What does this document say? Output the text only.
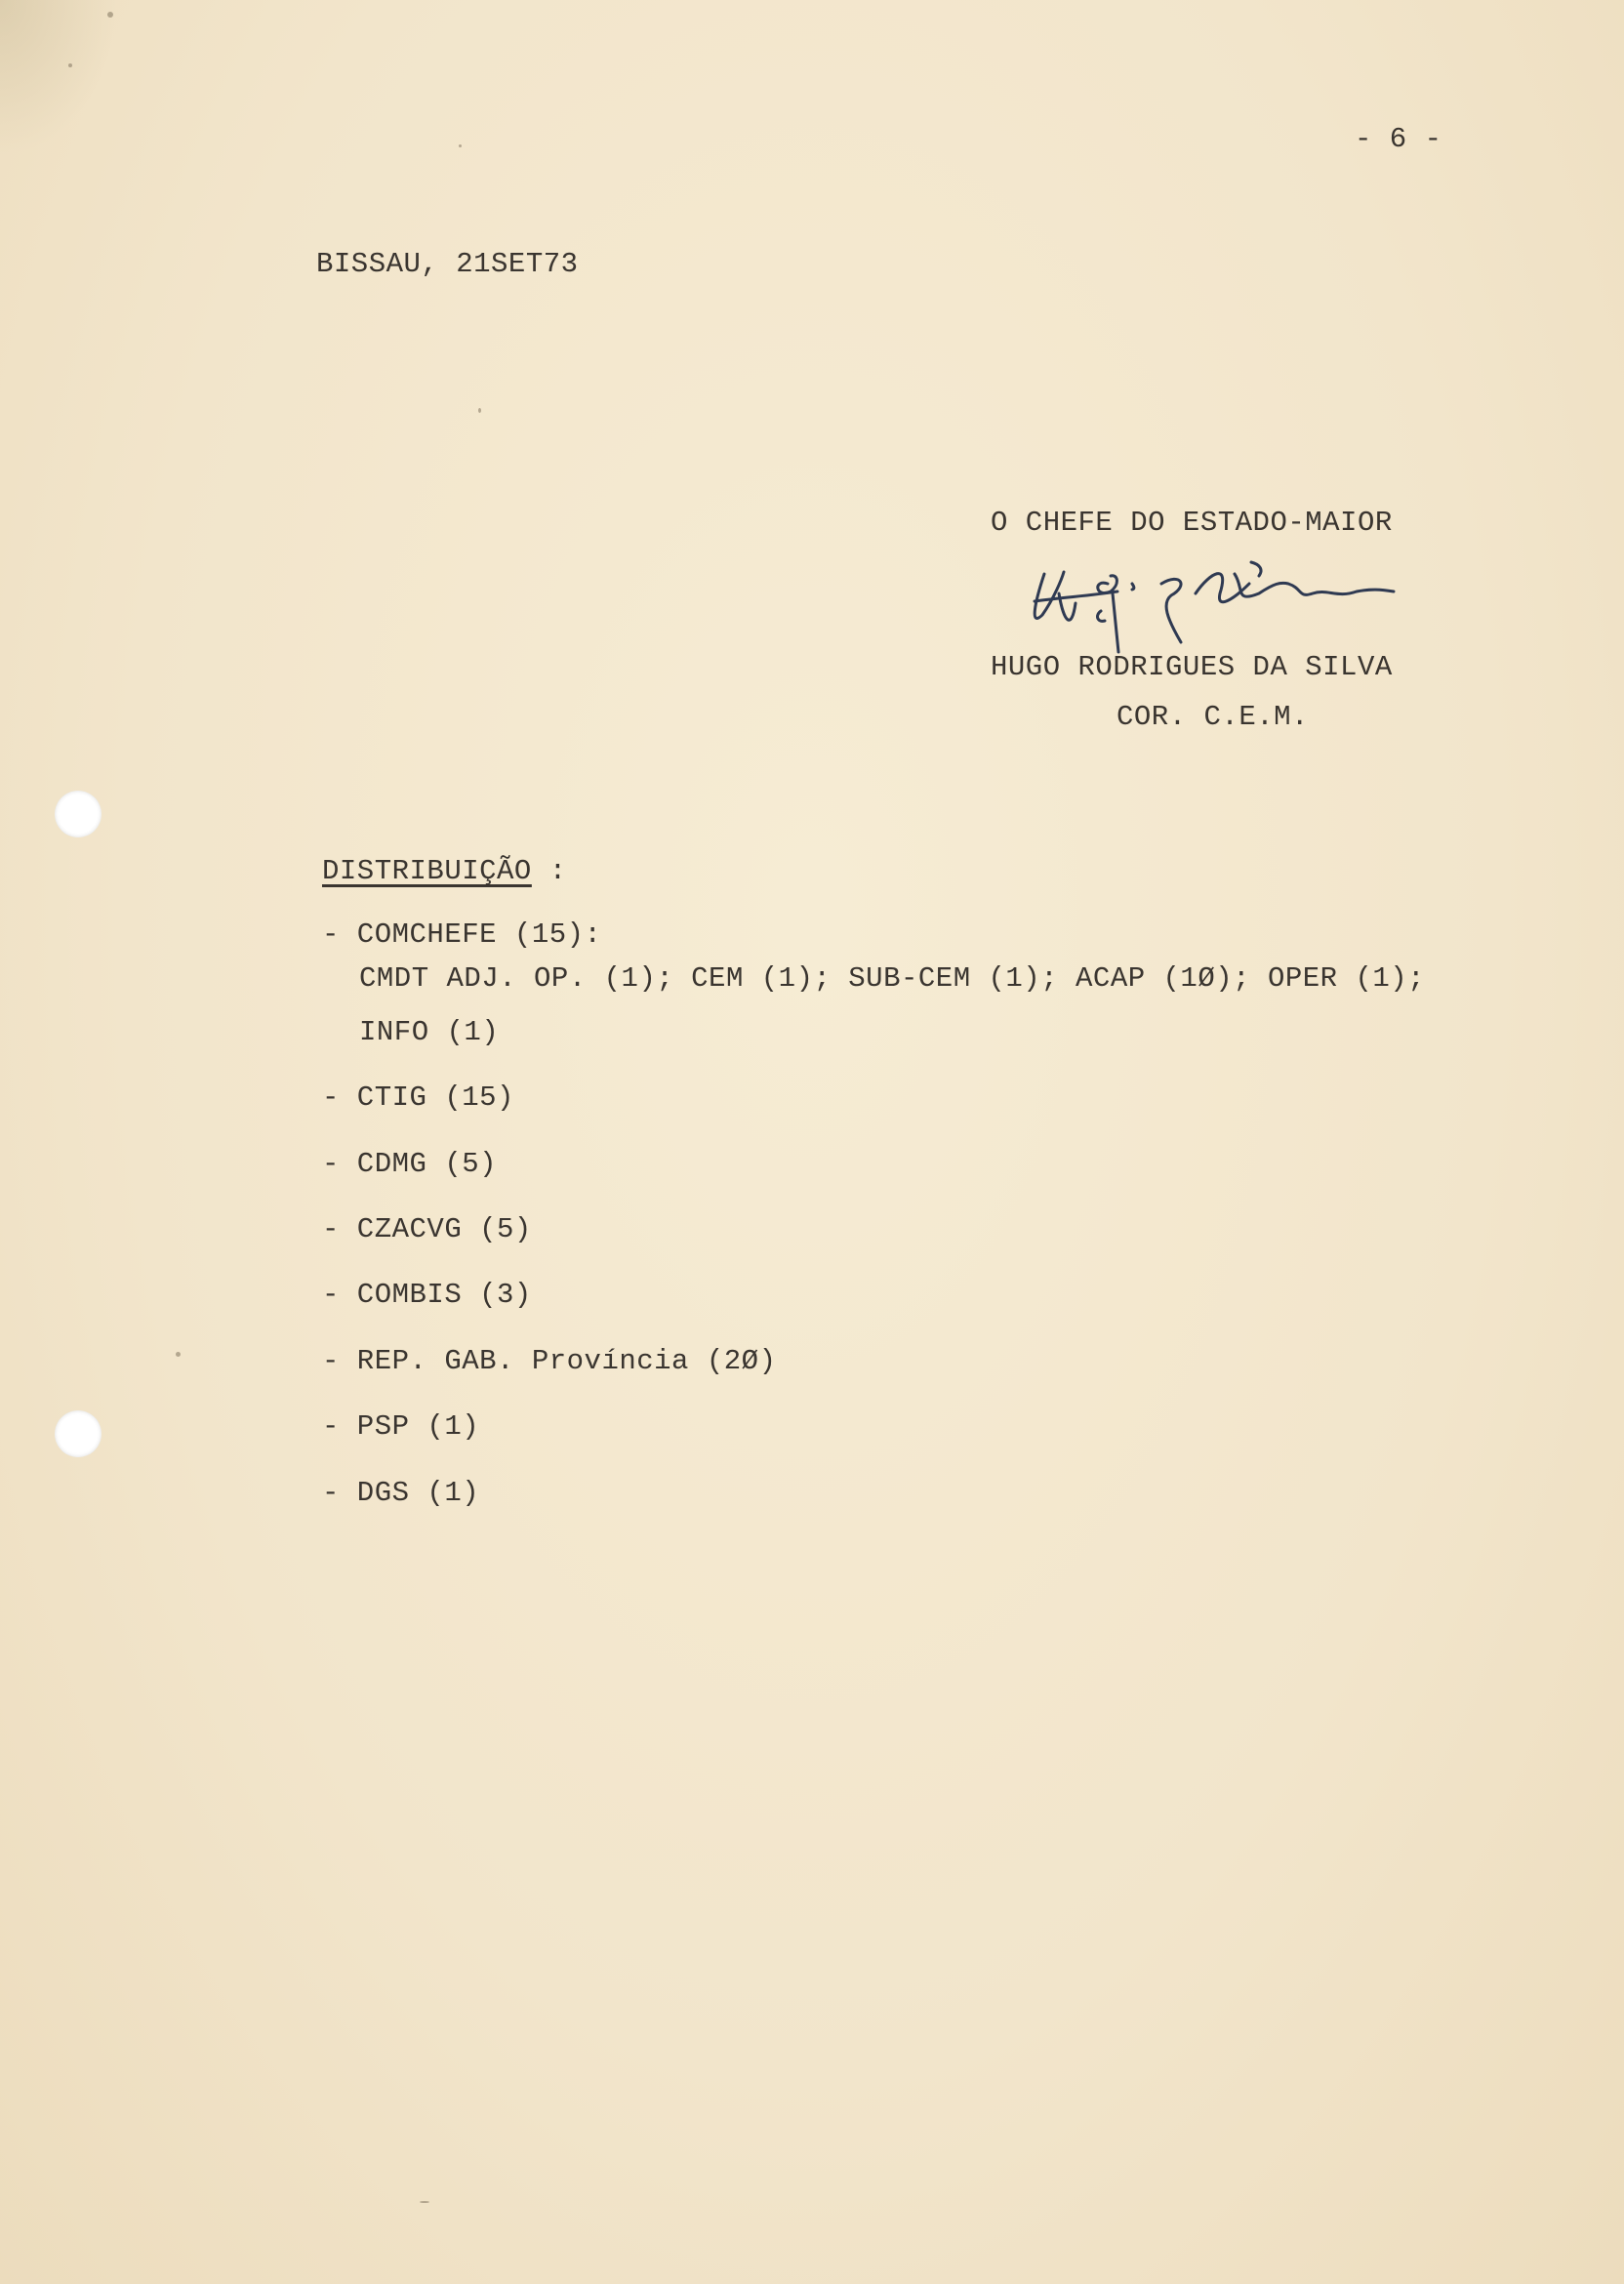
- 6 -
BISSAU, 21SET73
O CHEFE DO ESTADO-MAIOR
HUGO RODRIGUES DA SILVA
COR. C.E.M.
DISTRIBUIÇÃO :
- COMCHEFE (15):
CMDT ADJ. OP. (1); CEM (1); SUB-CEM (1); ACAP (1Ø); OPER (1);
INFO (1)
- CTIG (15)
- CDMG (5)
- CZACVG (5)
- COMBIS (3)
- REP. GAB. Província (2Ø)
- PSP (1)
- DGS (1)
